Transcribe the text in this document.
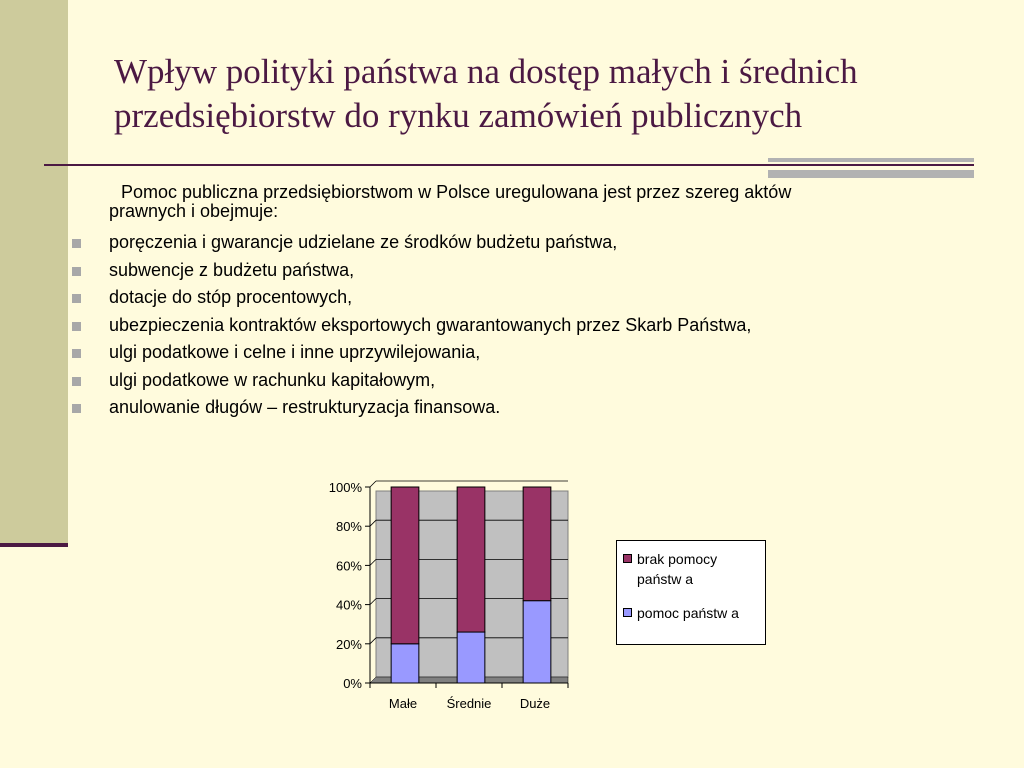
Wpływ polityki państwa na dostęp małych i średnich przedsiębiorstw do rynku zamówień publicznych

Pomoc publiczna przedsiębiorstwom w Polsce uregulowana jest przez szereg aktów
prawnych i obejmuje:

poręczenia i gwarancje udzielane ze środków budżetu państwa,
subwencje z budżetu państwa,
dotacje do stóp procentowych,
ubezpieczenia kontraktów eksportowych gwarantowanych przez Skarb Państwa,
ulgi podatkowe i celne i inne uprzywilejowania,
ulgi podatkowe w rachunku kapitałowym,
anulowanie długów – restrukturyzacja finansowa.
0%
20%
40%
60%
80%
100%
Małe Średnie Duże
brak pomocy
państw a
pomoc państw a
